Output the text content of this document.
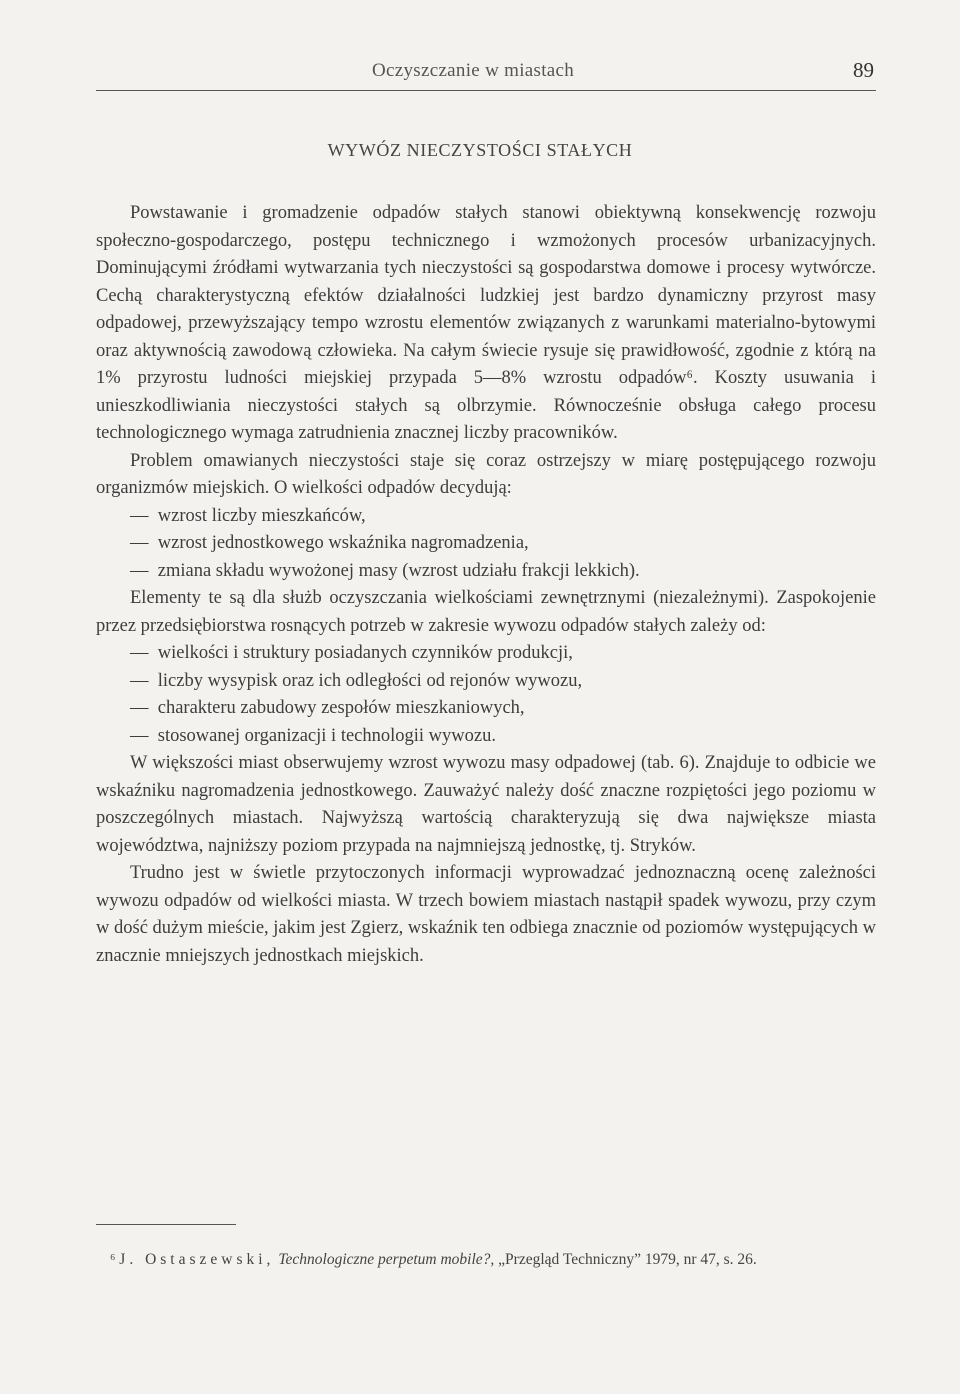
Oczyszczanie w miastach	89
WYWÓZ NIECZYSTOŚCI STAŁYCH

Powstawanie i gromadzenie odpadów stałych stanowi obiektywną konsekwencję rozwoju społeczno-gospodarczego, postępu technicznego i wzmożonych procesów urbanizacyjnych. Dominującymi źródłami wytwarzania tych nieczystości są gospodarstwa domowe i procesy wytwórcze. Cechą charakterystyczną efektów działalności ludzkiej jest bardzo dynamiczny przyrost masy odpadowej, przewyższający tempo wzrostu elementów związanych z warunkami materialno-bytowymi oraz aktywnością zawodową człowieka. Na całym świecie rysuje się prawidłowość, zgodnie z którą na 1% przyrostu ludności miejskiej przypada 5—8% wzrostu odpadów⁶. Koszty usuwania i unieszkodliwiania nieczystości stałych są olbrzymie. Równocześnie obsługa całego procesu technologicznego wymaga zatrudnienia znacznej liczby pracowników.

Problem omawianych nieczystości staje się coraz ostrzejszy w miarę postępującego rozwoju organizmów miejskich. O wielkości odpadów decydują:

—  wzrost liczby mieszkańców,
—  wzrost jednostkowego wskaźnika nagromadzenia,
—  zmiana składu wywożonej masy (wzrost udziału frakcji lekkich).

Elementy te są dla służb oczyszczania wielkościami zewnętrznymi (niezależnymi). Zaspokojenie przez przedsiębiorstwa rosnących potrzeb w zakresie wywozu odpadów stałych zależy od:

—  wielkości i struktury posiadanych czynników produkcji,
—  liczby wysypisk oraz ich odległości od rejonów wywozu,
—  charakteru zabudowy zespołów mieszkaniowych,
—  stosowanej organizacji i technologii wywozu.

W większości miast obserwujemy wzrost wywozu masy odpadowej (tab. 6). Znajduje to odbicie we wskaźniku nagromadzenia jednostkowego. Zauważyć należy dość znaczne rozpiętości jego poziomu w poszczególnych miastach. Najwyższą wartością charakteryzują się dwa największe miasta województwa, najniższy poziom przypada na najmniejszą jednostkę, tj. Stryków.

Trudno jest w świetle przytoczonych informacji wyprowadzać jednoznaczną ocenę zależności wywozu odpadów od wielkości miasta. W trzech bowiem miastach nastąpił spadek wywozu, przy czym w dość dużym mieście, jakim jest Zgierz, wskaźnik ten odbiega znacznie od poziomów występujących w znacznie mniejszych jednostkach miejskich.

⁶ J. Ostaszewski, Technologiczne perpetum mobile?, „Przegląd Techniczny” 1979, nr 47, s. 26.
